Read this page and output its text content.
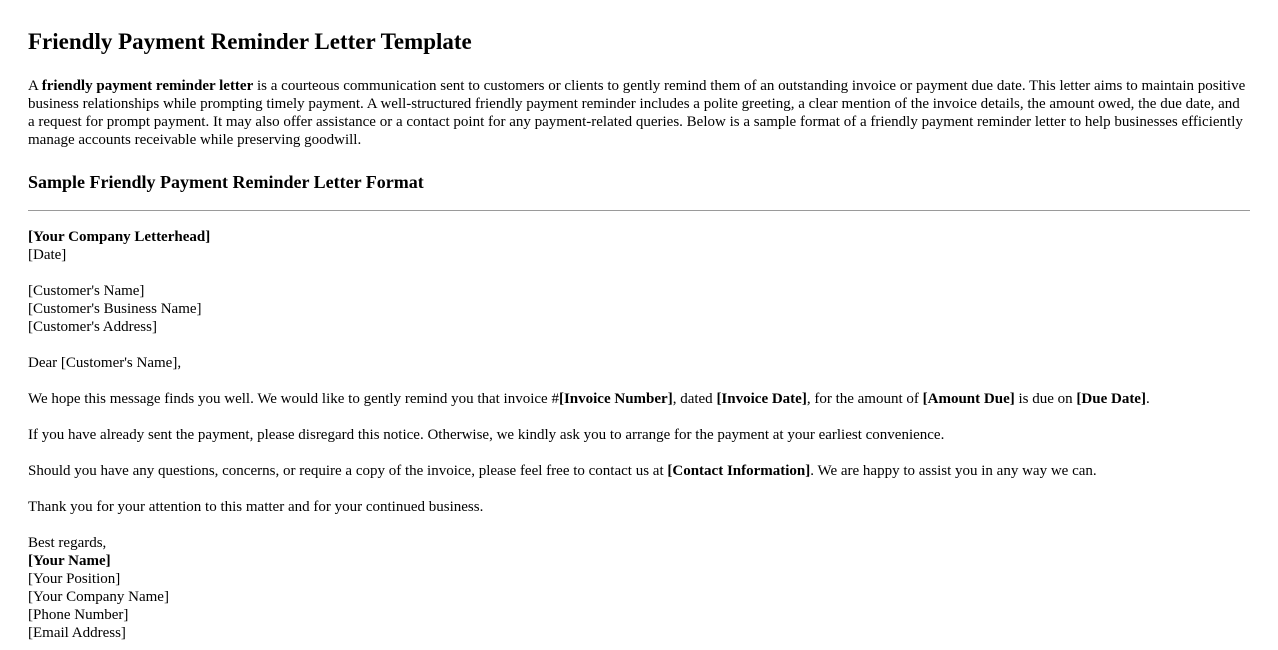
Friendly Payment Reminder Letter Template

A friendly payment reminder letter is a courteous communication sent to customers or clients to gently remind them of an outstanding invoice or payment due date. This letter aims to maintain positive business relationships while prompting timely payment. A well-structured friendly payment reminder includes a polite greeting, a clear mention of the invoice details, the amount owed, the due date, and a request for prompt payment. It may also offer assistance or a contact point for any payment-related queries. Below is a sample format of a friendly payment reminder letter to help businesses efficiently manage accounts receivable while preserving goodwill.

Sample Friendly Payment Reminder Letter Format
[Your Company Letterhead]
[Date]
[Customer's Name]
[Customer's Business Name]
[Customer's Address]
Dear [Customer's Name],
We hope this message finds you well. We would like to gently remind you that invoice #[Invoice Number], dated [Invoice Date], for the amount of [Amount Due] is due on [Due Date].
If you have already sent the payment, please disregard this notice. Otherwise, we kindly ask you to arrange for the payment at your earliest convenience.
Should you have any questions, concerns, or require a copy of the invoice, please feel free to contact us at [Contact Information]. We are happy to assist you in any way we can.
Thank you for your attention to this matter and for your continued business.
Best regards,
[Your Name]
[Your Position]
[Your Company Name]
[Phone Number]
[Email Address]
